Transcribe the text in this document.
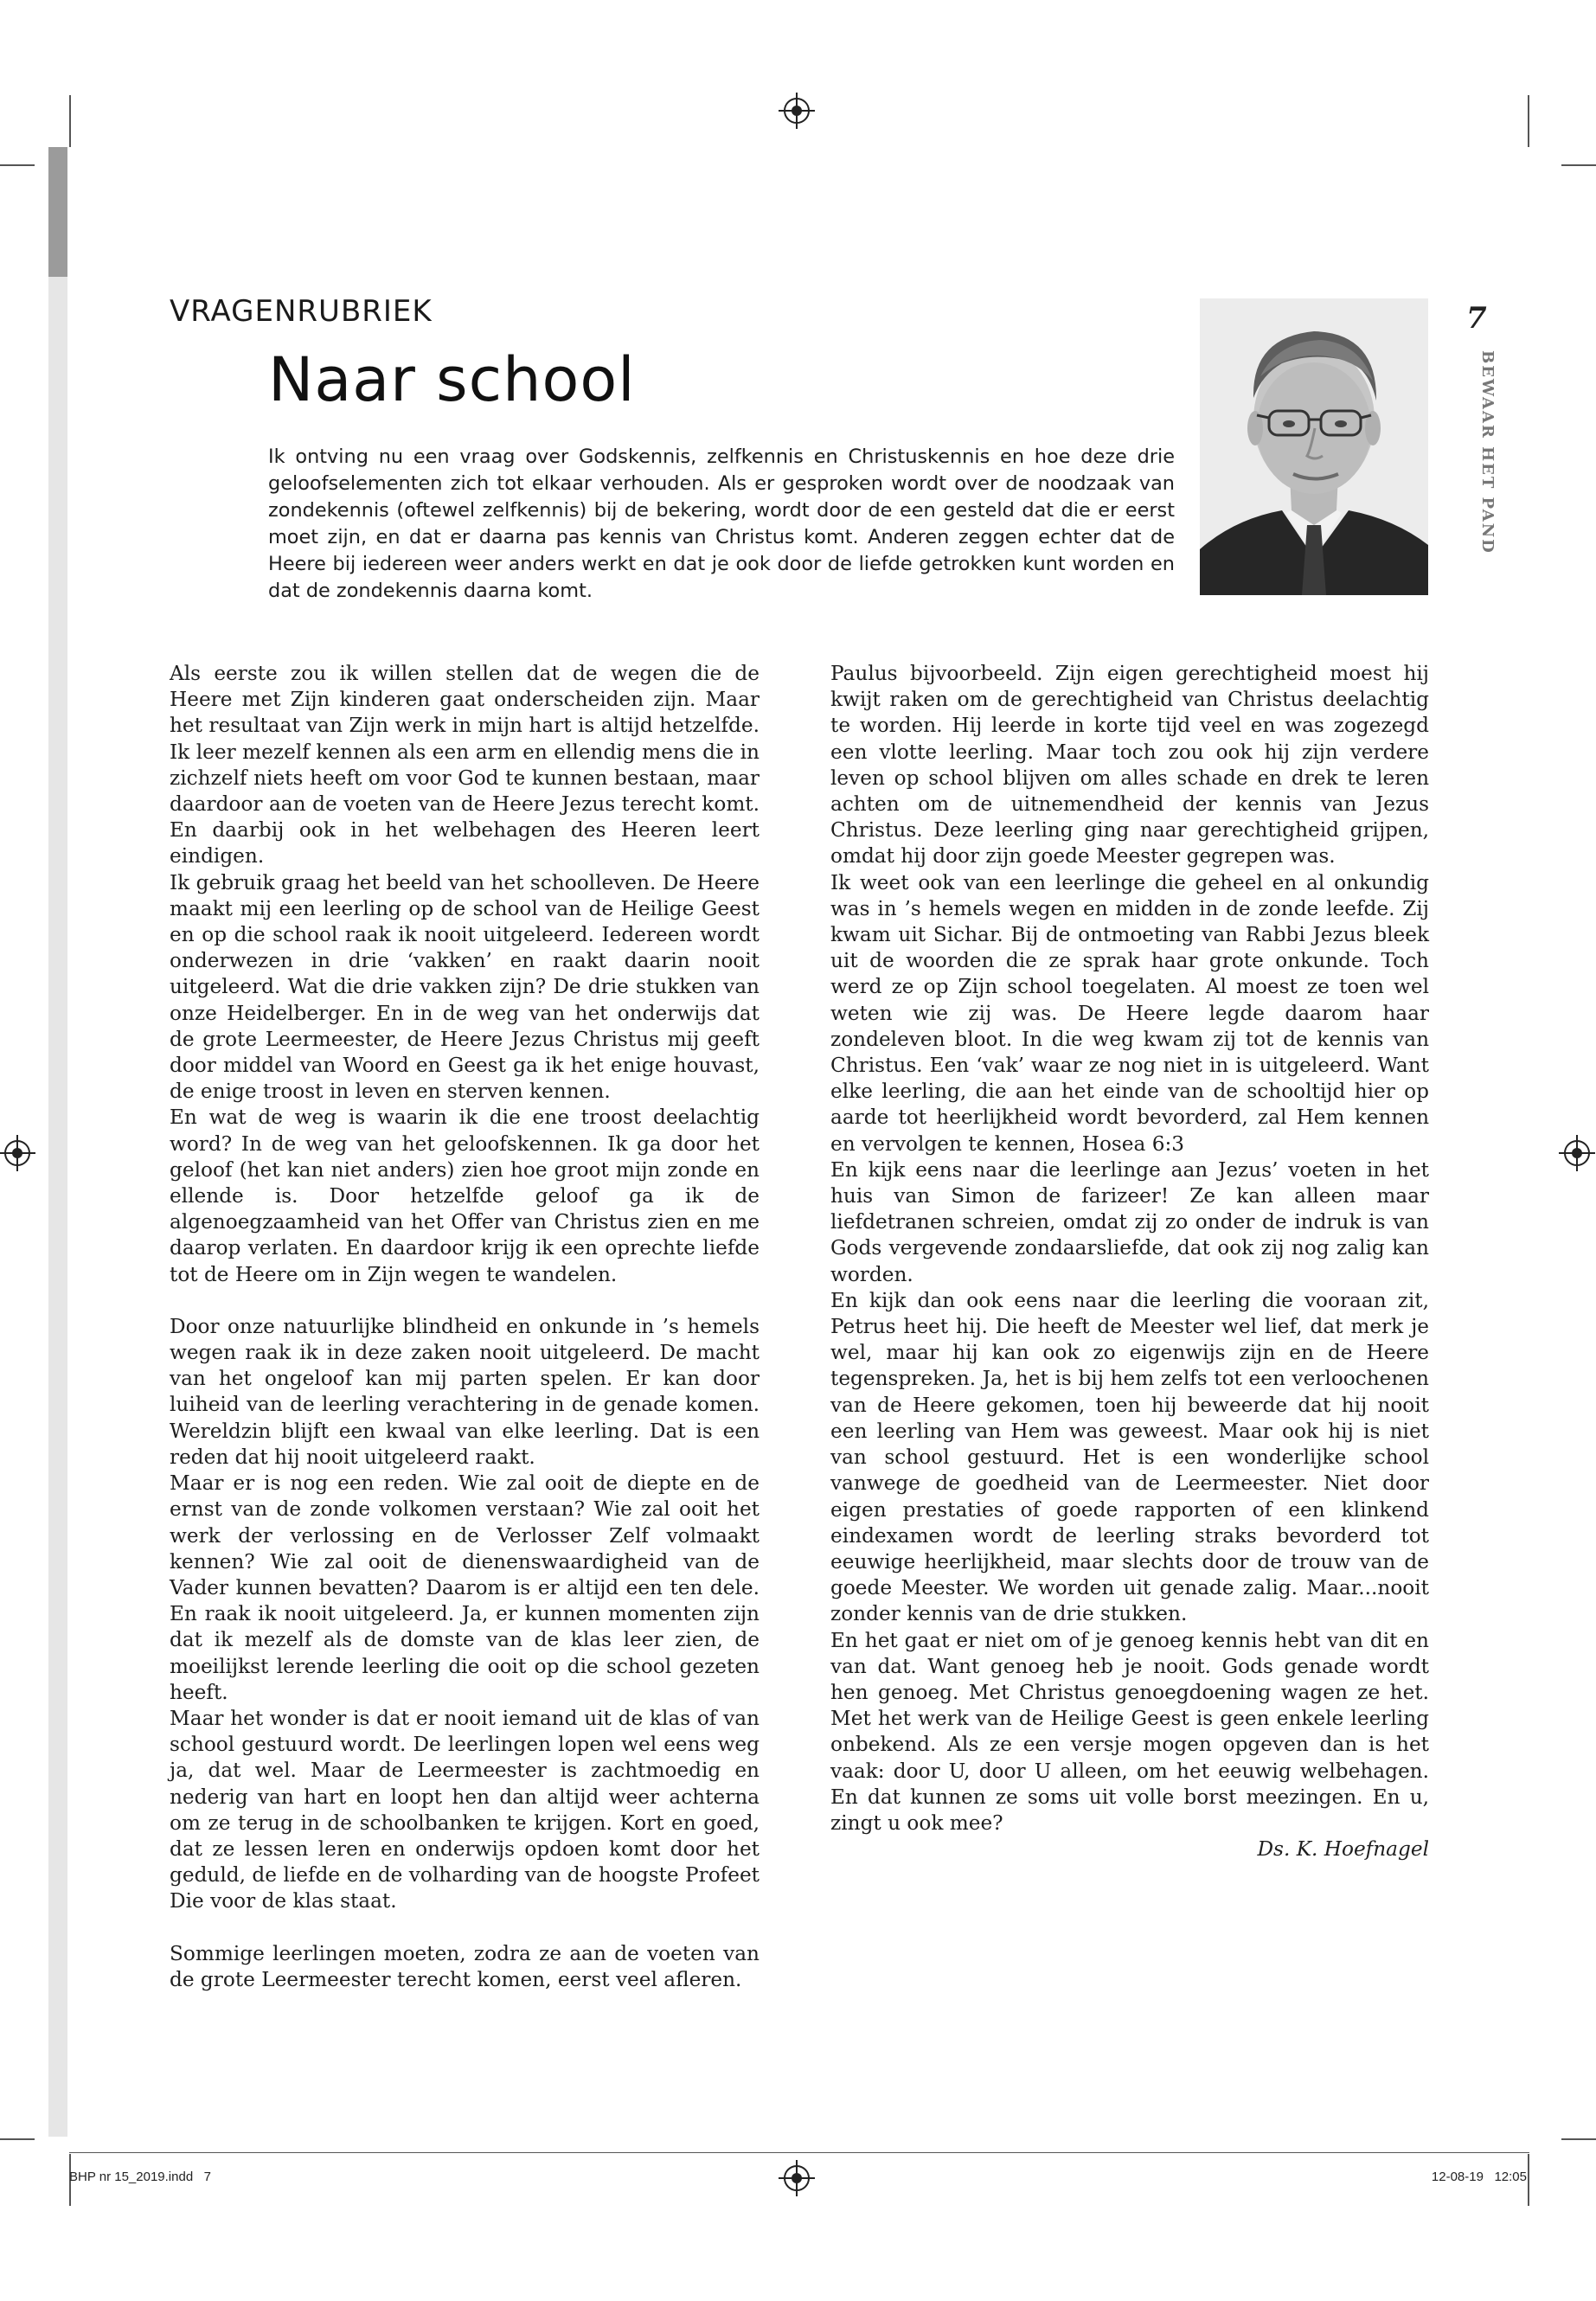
VRAGENRUBRIEK
Naar school
7
BEWAAR HET PAND

Ik ontving nu een vraag over Godskennis, zelfkennis en Christuskennis en hoe deze drie geloofselementen zich tot elkaar verhouden. Als er gesproken wordt over de noodzaak van zondekennis (oftewel zelfkennis) bij de bekering, wordt door de een gesteld dat die er eerst moet zijn, en dat er daarna pas kennis van Christus komt. Anderen zeggen echter dat de Heere bij iedereen weer anders werkt en dat je ook door de liefde getrokken kunt worden en dat de zondekennis daarna komt.

Als eerste zou ik willen stellen dat de wegen die de Heere met Zijn kinderen gaat onderscheiden zijn. Maar het resultaat van Zijn werk in mijn hart is altijd hetzelfde. Ik leer mezelf kennen als een arm en ellendig mens die in zichzelf niets heeft om voor God te kunnen bestaan, maar daardoor aan de voeten van de Heere Jezus terecht komt. En daarbij ook in het welbehagen des Heeren leert eindigen.

Ik gebruik graag het beeld van het schoolleven. De Heere maakt mij een leerling op de school van de Heilige Geest en op die school raak ik nooit uitgeleerd. Iedereen wordt onderwezen in drie ‘vakken’ en raakt daarin nooit uitgeleerd. Wat die drie vakken zijn? De drie stukken van onze Heidelberger. En in de weg van het onderwijs dat de grote Leermeester, de Heere Jezus Christus mij geeft door middel van Woord en Geest ga ik het enige houvast, de enige troost in leven en sterven kennen.

En wat de weg is waarin ik die ene troost deelachtig word? In de weg van het geloofskennen. Ik ga door het geloof (het kan niet anders) zien hoe groot mijn zonde en ellende is. Door hetzelfde geloof ga ik de algenoegzaamheid van het Offer van Christus zien en me daarop verlaten. En daardoor krijg ik een oprechte liefde tot de Heere om in Zijn wegen te wandelen.

Door onze natuurlijke blindheid en onkunde in ’s hemels wegen raak ik in deze zaken nooit uitgeleerd. De macht van het ongeloof kan mij parten spelen. Er kan door luiheid van de leerling verachtering in de genade komen. Wereldzin blijft een kwaal van elke leerling. Dat is een reden dat hij nooit uitgeleerd raakt.

Maar er is nog een reden. Wie zal ooit de diepte en de ernst van de zonde volkomen verstaan? Wie zal ooit het werk der verlossing en de Verlosser Zelf volmaakt kennen? Wie zal ooit de dienenswaardigheid van de Vader kunnen bevatten? Daarom is er altijd een ten dele. En raak ik nooit uitgeleerd. Ja, er kunnen momenten zijn dat ik mezelf als de domste van de klas leer zien, de moeilijkst lerende leerling die ooit op die school gezeten heeft.

Maar het wonder is dat er nooit iemand uit de klas of van school gestuurd wordt. De leerlingen lopen wel eens weg ja, dat wel. Maar de Leermeester is zachtmoedig en nederig van hart en loopt hen dan altijd weer achterna om ze terug in de schoolbanken te krijgen. Kort en goed, dat ze lessen leren en onderwijs opdoen komt door het geduld, de liefde en de volharding van de hoogste Profeet Die voor de klas staat.

Sommige leerlingen moeten, zodra ze aan de voeten van de grote Leermeester terecht komen, eerst veel afleren.

Paulus bijvoorbeeld. Zijn eigen gerechtigheid moest hij kwijt raken om de gerechtigheid van Christus deelachtig te worden. Hij leerde in korte tijd veel en was zogezegd een vlotte leerling. Maar toch zou ook hij zijn verdere leven op school blijven om alles schade en drek te leren achten om de uitnemendheid der kennis van Jezus Christus. Deze leerling ging naar gerechtigheid grijpen, omdat hij door zijn goede Meester gegrepen was.

Ik weet ook van een leerlinge die geheel en al onkundig was in ’s hemels wegen en midden in de zonde leefde. Zij kwam uit Sichar. Bij de ontmoeting van Rabbi Jezus bleek uit de woorden die ze sprak haar grote onkunde. Toch werd ze op Zijn school toegelaten. Al moest ze toen wel weten wie zij was. De Heere legde daarom haar zondeleven bloot. In die weg kwam zij tot de kennis van Christus. Een ‘vak’ waar ze nog niet in is uitgeleerd. Want elke leerling, die aan het einde van de schooltijd hier op aarde tot heerlijkheid wordt bevorderd, zal Hem kennen en vervolgen te kennen, Hosea 6:3

En kijk eens naar die leerlinge aan Jezus’ voeten in het huis van Simon de farizeer! Ze kan alleen maar liefdetranen schreien, omdat zij zo onder de indruk is van Gods vergevende zondaarsliefde, dat ook zij nog zalig kan worden.

En kijk dan ook eens naar die leerling die vooraan zit, Petrus heet hij. Die heeft de Meester wel lief, dat merk je wel, maar hij kan ook zo eigenwijs zijn en de Heere tegenspreken. Ja, het is bij hem zelfs tot een verloochenen van de Heere gekomen, toen hij beweerde dat hij nooit een leerling van Hem was geweest. Maar ook hij is niet van school gestuurd. Het is een wonderlijke school vanwege de goedheid van de Leermeester. Niet door eigen prestaties of goede rapporten of een klinkend eindexamen wordt de leerling straks bevorderd tot eeuwige heerlijkheid, maar slechts door de trouw van de goede Meester. We worden uit genade zalig. Maar...nooit zonder kennis van de drie stukken.

En het gaat er niet om of je genoeg kennis hebt van dit en van dat. Want genoeg heb je nooit. Gods genade wordt hen genoeg. Met Christus genoegdoening wagen ze het. Met het werk van de Heilige Geest is geen enkele leerling onbekend. Als ze een versje mogen opgeven dan is het vaak: door U, door U alleen, om het eeuwig welbehagen. En dat kunnen ze soms uit volle borst meezingen. En u, zingt u ook mee?

Ds. K. Hoefnagel

BHP nr 15_2019.indd   7	12-08-19   12:05
